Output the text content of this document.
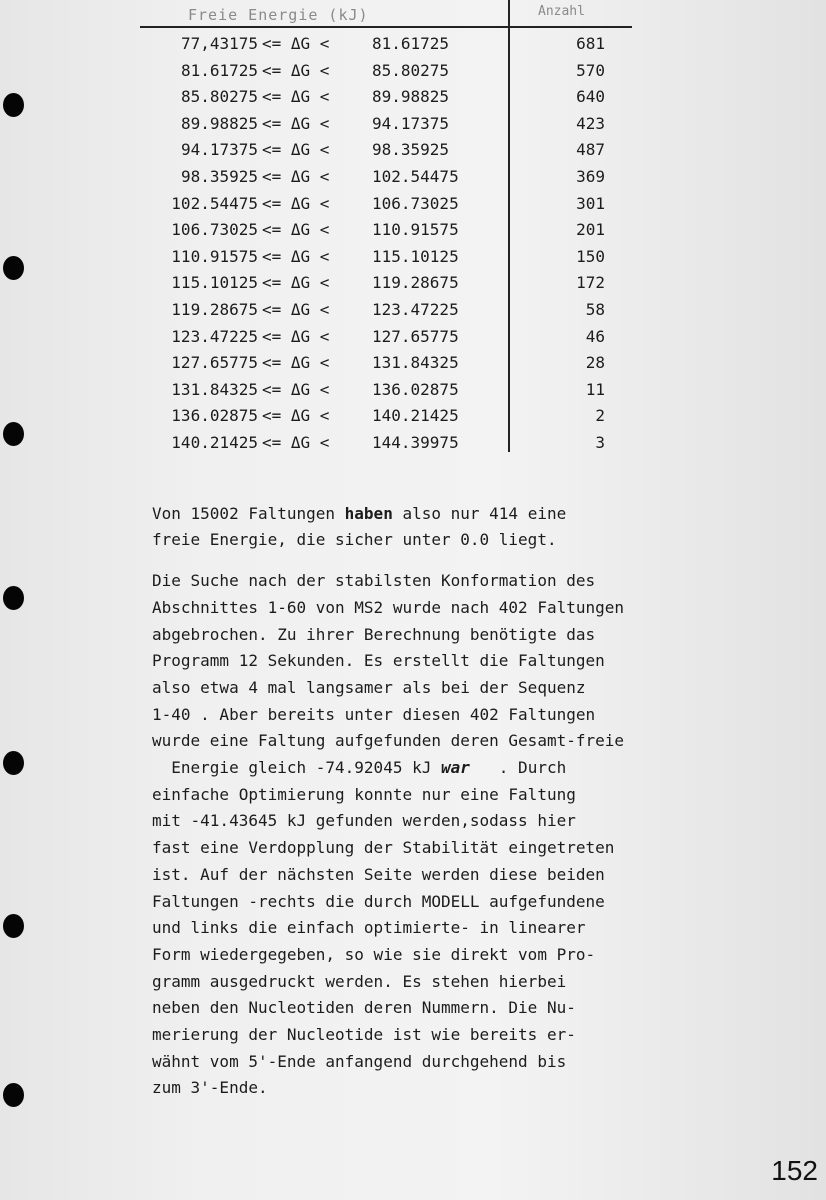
Freie Energie (kJ)	Anzahl
77,43175 <= ΔG <	81.61725	681
81.61725 <= ΔG <	85.80275	570
85.80275 <= ΔG <	89.98825	640
89.98825 <= ΔG <	94.17375	423
94.17375 <= ΔG <	98.35925	487
98.35925 <= ΔG <	102.54475	369
102.54475 <= ΔG <	106.73025	301
106.73025 <= ΔG <	110.91575	201
110.91575 <= ΔG <	115.10125	150
115.10125 <= ΔG <	119.28675	172
119.28675 <= ΔG <	123.47225	58
123.47225 <= ΔG <	127.65775	46
127.65775 <= ΔG <	131.84325	28
131.84325 <= ΔG <	136.02875	11
136.02875 <= ΔG <	140.21425	2
140.21425 <= ΔG <	144.39975	3

Von 15002 Faltungen haben also nur 414 eine
freie Energie, die sicher unter 0.0 liegt.

Die Suche nach der stabilsten Konformation des
Abschnittes 1-60 von MS2 wurde nach 402 Faltungen
abgebrochen. Zu ihrer Berechnung benötigte das
Programm 12 Sekunden. Es erstellt die Faltungen
also etwa 4 mal langsamer als bei der Sequenz
1-40 . Aber bereits unter diesen 402 Faltungen
wurde eine Faltung aufgefunden deren Gesamt-freie
Energie gleich -74.92045 kJ war   . Durch
einfache Optimierung konnte nur eine Faltung
mit -41.43645 kJ gefunden werden,sodass hier
fast eine Verdopplung der Stabilität eingetreten
ist. Auf der nächsten Seite werden diese beiden
Faltungen -rechts die durch MODELL aufgefundene
und links die einfach optimierte- in linearer
Form wiedergegeben, so wie sie direkt vom Pro-
gramm ausgedruckt werden. Es stehen hierbei
neben den Nucleotiden deren Nummern. Die Nu-
merierung der Nucleotide ist wie bereits er-
wähnt vom 5'-Ende anfangend durchgehend bis
zum 3'-Ende.

152
